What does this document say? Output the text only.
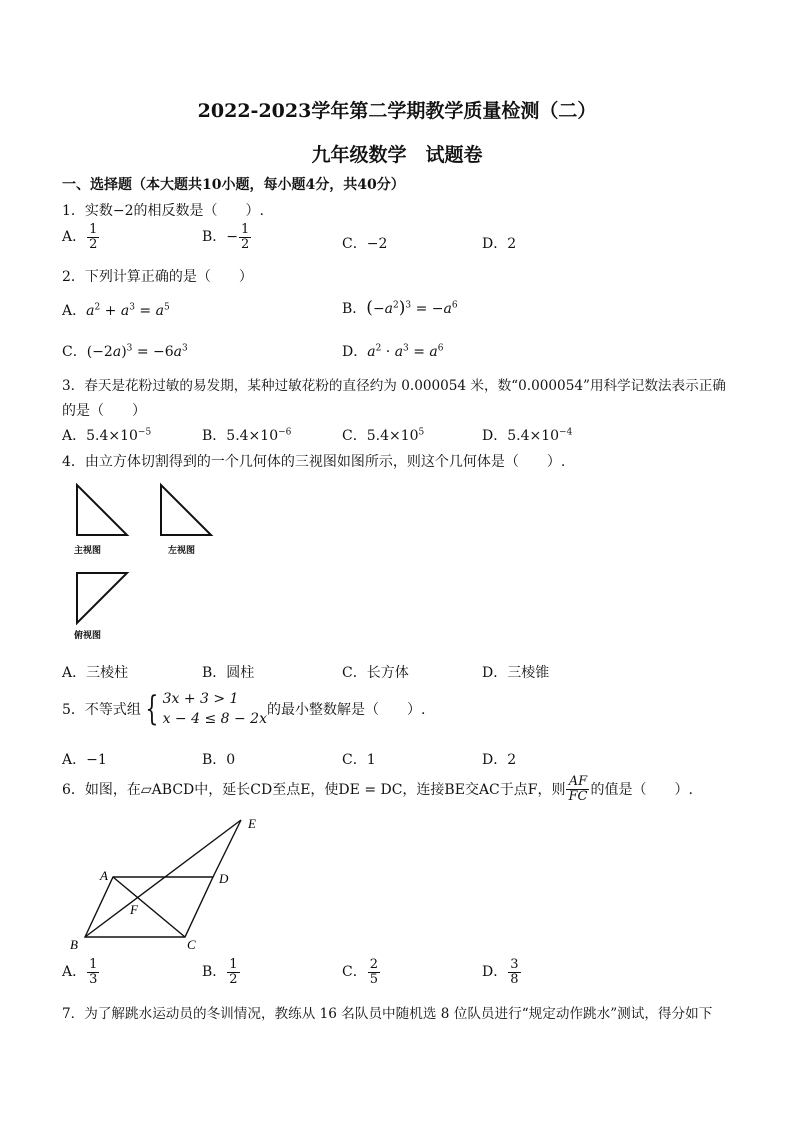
2022-2023学年第二学期教学质量检测（二）
九年级数学　试题卷
一、选择题（本大题共10小题，每小题4分，共40分）
1．实数−2的相反数是（　　）.
A． $\frac{1}{2}$	B．− $\frac{1}{2}$	C．−2	D．2
2．下列计算正确的是（　　）
A．$a^2 + a^3 = a^5$	B．$(-a^2)^3 = -a^6$
C．$(-2a)^3 = -6a^3$	D．$a^2 \cdot a^3 = a^6$
3．春天是花粉过敏的易发期，某种过敏花粉的直径约为 0.000054 米，数“0.000054”用科学记数法表示正确
的是（　　）
A．$5.4\times 10^{-5}$	B．$5.4\times 10^{-6}$	C．$5.4\times 10^5$	D．$5.4\times 10^{-4}$
4．由立方体切割得到的一个几何体的三视图如图所示，则这个几何体是（　　）.
主视图	左视图
俯视图
A．三棱柱	B．圆柱	C．长方体	D．三棱锥
5．不等式组 { 3x + 3 > 1
x − 4 ≤ 8 − 2x
的最小整数解是（　　）.
A．−1	B．0	C．1	D．2
6．如图，在▱ABCD中，延长CD至点E，使DE = DC，连接BE交AC于点F，则 $\frac{AF}{FC}$ 的值是（　　）.
A
B	C
D
E
F
A． $\frac{1}{3}$	B． $\frac{1}{2}$	C． $\frac{2}{5}$	D． $\frac{3}{8}$
7．为了解跳水运动员的冬训情况，教练从 16 名队员中随机选 8 位队员进行“规定动作跳水”测试，得分如下
